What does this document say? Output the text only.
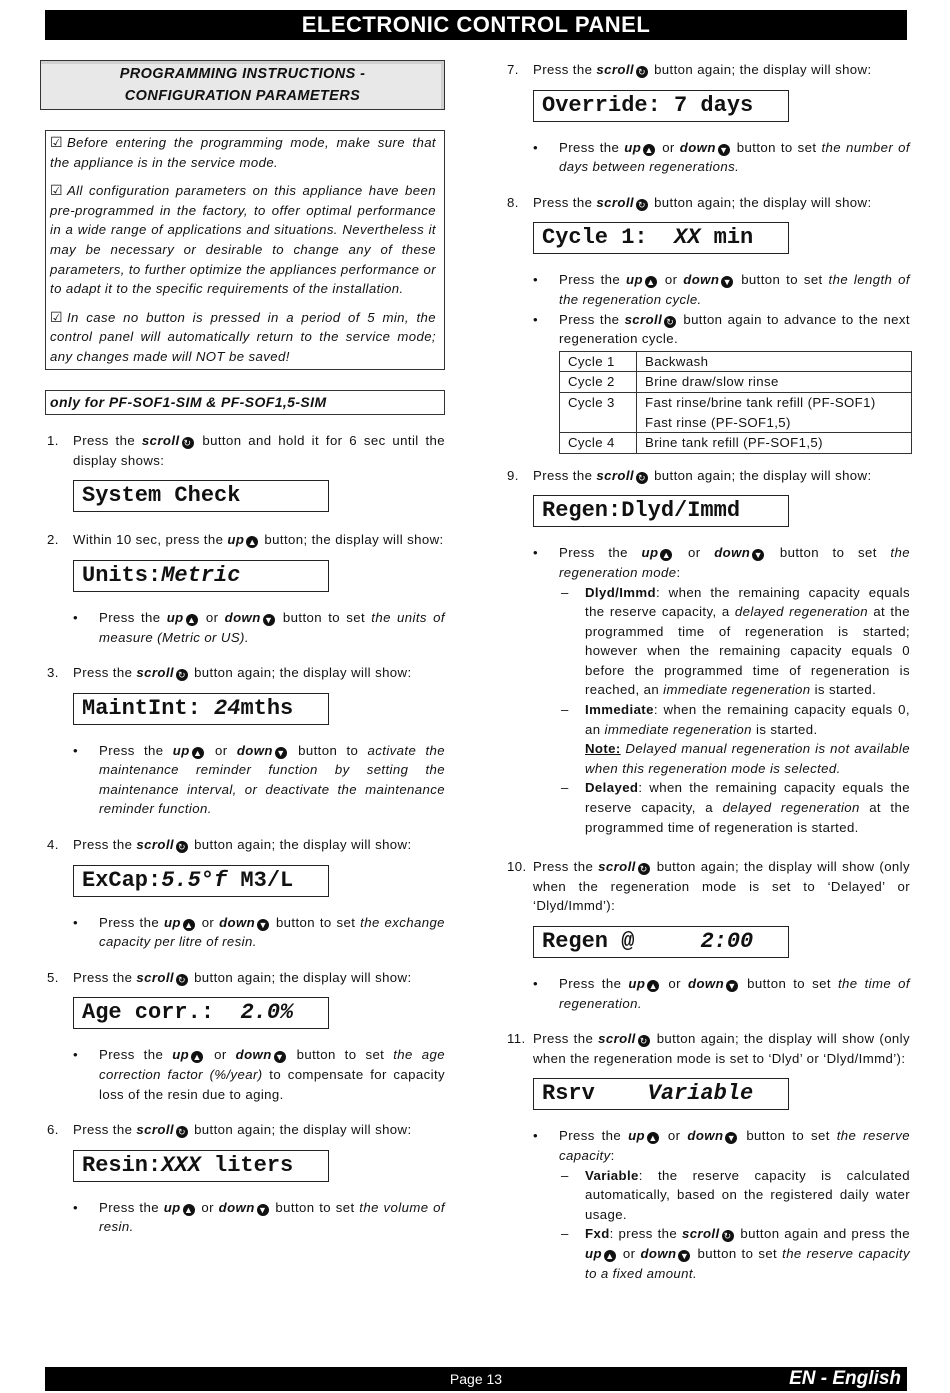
ELECTRONIC CONTROL PANEL
PROGRAMMING INSTRUCTIONS -
CONFIGURATION PARAMETERS

☑ Before entering the programming mode, make sure that the appliance is in the service mode.

☑ All configuration parameters on this appliance have been pre-programmed in the factory, to offer optimal performance in a wide range of applications and situations. Nevertheless it may be necessary or desirable to change any of these parameters, to further optimize the appliances performance or to adapt it to the specific requirements of the installation.

☑ In case no button is pressed in a period of 5 min, the control panel will automatically return to the service mode; any changes made will NOT be saved!

only for PF-SOF1-SIM & PF-SOF1,5-SIM
1. Press the scroll ↻ button and hold it for 6 sec until the display shows:
System Check
2. Within 10 sec, press the up ▲ button; the display will show:
Units:Metric
• Press the up ▲ or down ▼ button to set the units of measure (Metric or US).
3. Press the scroll ↻ button again; the display will show:
MaintInt: 24mths
• Press the up ▲ or down ▼ button to activate the maintenance reminder function by setting the maintenance interval, or deactivate the maintenance reminder function.
4. Press the scroll ↻ button again; the display will show:
ExCap:5.5°f M3/L
• Press the up ▲ or down ▼ button to set the exchange capacity per litre of resin.
5. Press the scroll ↻ button again; the display will show:
Age corr.:  2.0%
• Press the up ▲ or down ▼ button to set the age correction factor (%/year) to compensate for capacity loss of the resin due to aging.
6. Press the scroll ↻ button again; the display will show:
Resin:XXX liters
• Press the up ▲ or down ▼ button to set the volume of resin.
7. Press the scroll ↻ button again; the display will show:
Override: 7 days
• Press the up ▲ or down ▼ button to set the number of days between regenerations.
8. Press the scroll ↻ button again; the display will show:
Cycle 1:  XX min
• Press the up ▲ or down ▼ button to set the length of the regeneration cycle.
• Press the scroll ↻ button again to advance to the next regeneration cycle.
Cycle 1	Backwash
Cycle 2	Brine draw/slow rinse
Cycle 3	Fast rinse/brine tank refill (PF-SOF1)
Fast rinse (PF-SOF1,5)

Cycle 4	Brine tank refill (PF-SOF1,5)
9. Press the scroll ↻ button again; the display will show:
Regen:Dlyd/Immd
• Press the up ▲ or down ▼ button to set the regeneration mode:
– Dlyd/Immd: when the remaining capacity equals the reserve capacity, a delayed regeneration at the programmed time of regeneration is started; however when the remaining capacity equals 0 before the programmed time of regeneration is reached, an immediate regeneration is started.
– Immediate: when the remaining capacity equals 0, an immediate regeneration is started.
Note: Delayed manual regeneration is not available when this regeneration mode is selected.
– Delayed: when the remaining capacity equals the reserve capacity, a delayed regeneration at the programmed time of regeneration is started.
10. Press the scroll ↻ button again; the display will show (only when the regeneration mode is set to ‘Delayed’ or ‘Dlyd/Immd’):
Regen @     2:00
• Press the up ▲ or down ▼ button to set the time of regeneration.
11. Press the scroll ↻ button again; the display will show (only when the regeneration mode is set to ‘Dlyd’ or ‘Dlyd/Immd’):
Rsrv    Variable
• Press the up ▲ or down ▼ button to set the reserve capacity:
– Variable: the reserve capacity is calculated automatically, based on the registered daily water usage.
– Fxd: press the scroll ↻ button again and press the up ▲ or down ▼ button to set the reserve capacity to a fixed amount.
Page 13	EN - English
